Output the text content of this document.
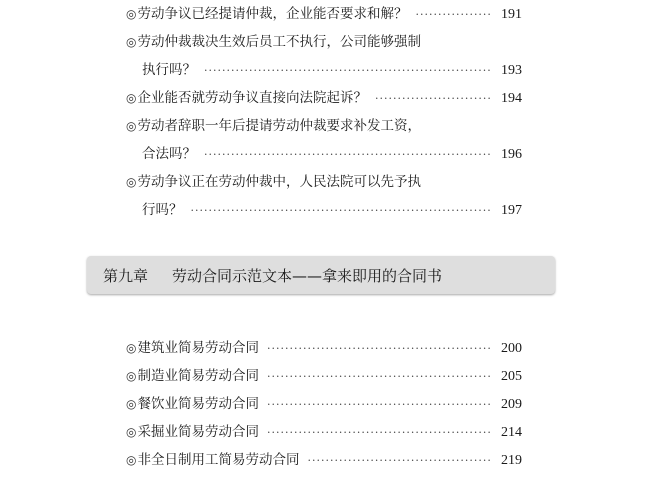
◎ 劳动争议已经提请仲裁，企业能否要求和解？ ·····	191
◎ 劳动仲裁裁决生效后员工不执行，公司能够强制
执行吗？ ·····	193
◎ 企业能否就劳动争议直接向法院起诉？ ·····	194
◎ 劳动者辞职一年后提请劳动仲裁要求补发工资，
合法吗？ ·····	196
◎ 劳动争议正在劳动仲裁中，人民法院可以先予执
行吗？ ·····	197
第九章 劳动合同示范文本——拿来即用的合同书
◎ 建筑业简易劳动合同 ·····	200
◎ 制造业简易劳动合同 ·····	205
◎ 餐饮业简易劳动合同 ·····	209
◎ 采掘业简易劳动合同 ·····	214
◎ 非全日制用工简易劳动合同 ·····	219
